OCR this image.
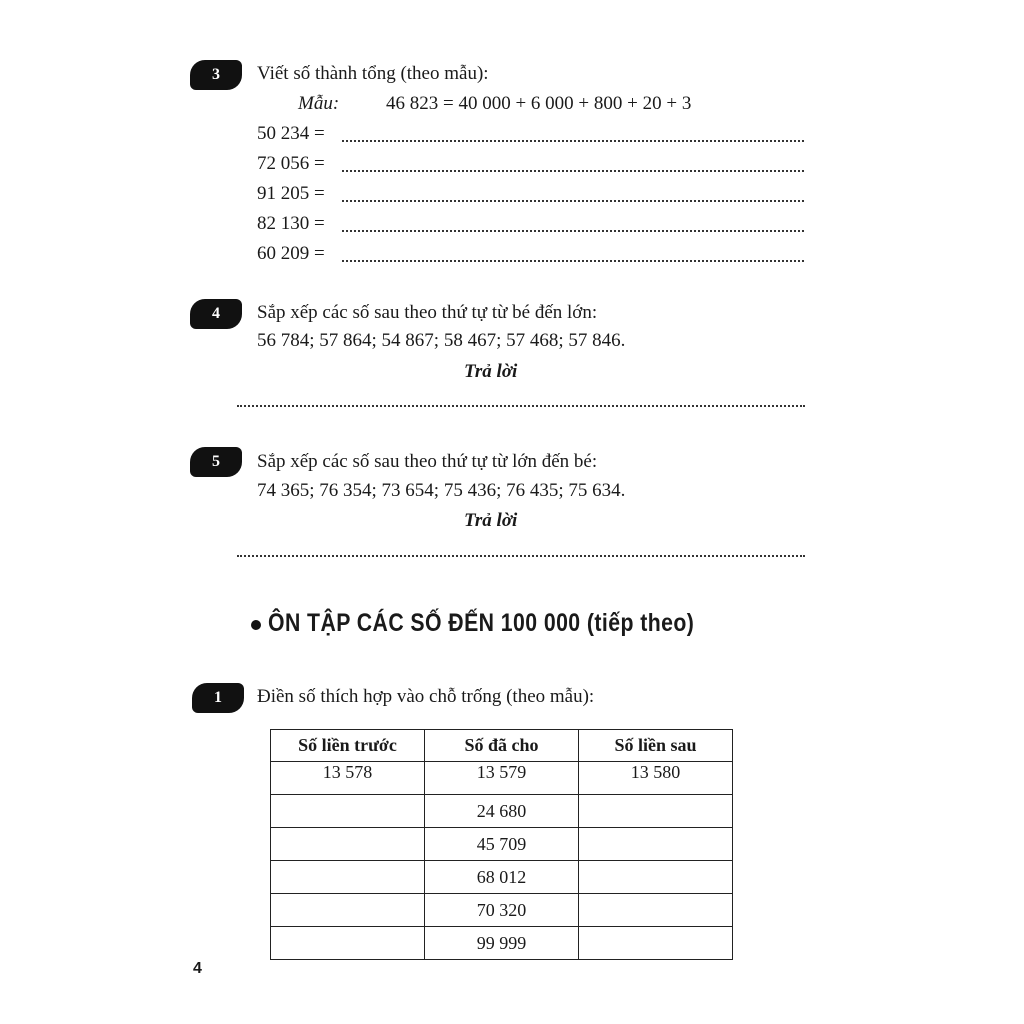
3	Viết số thành tổng (theo mẫu):
Mẫu: 46 823 = 40 000 + 6 000 + 800 + 20 + 3
50 234 =
72 056 =
91 205 =
82 130 =
60 209 =
4	Sắp xếp các số sau theo thứ tự từ bé đến lớn:
56 784; 57 864; 54 867; 58 467; 57 468; 57 846.
Trả lời
5	Sắp xếp các số sau theo thứ tự từ lớn đến bé:
74 365; 76 354; 73 654; 75 436; 76 435; 75 634.
Trả lời
ÔN TẬP CÁC SỐ ĐẾN 100 000 (tiếp theo)
1	Điền số thích hợp vào chỗ trống (theo mẫu):
Số liền trước	Số đã cho	Số liền sau
13 578	13 579	13 580
	24 680	
	45 709	
	68 012	
	70 320	
	99 999	
4
